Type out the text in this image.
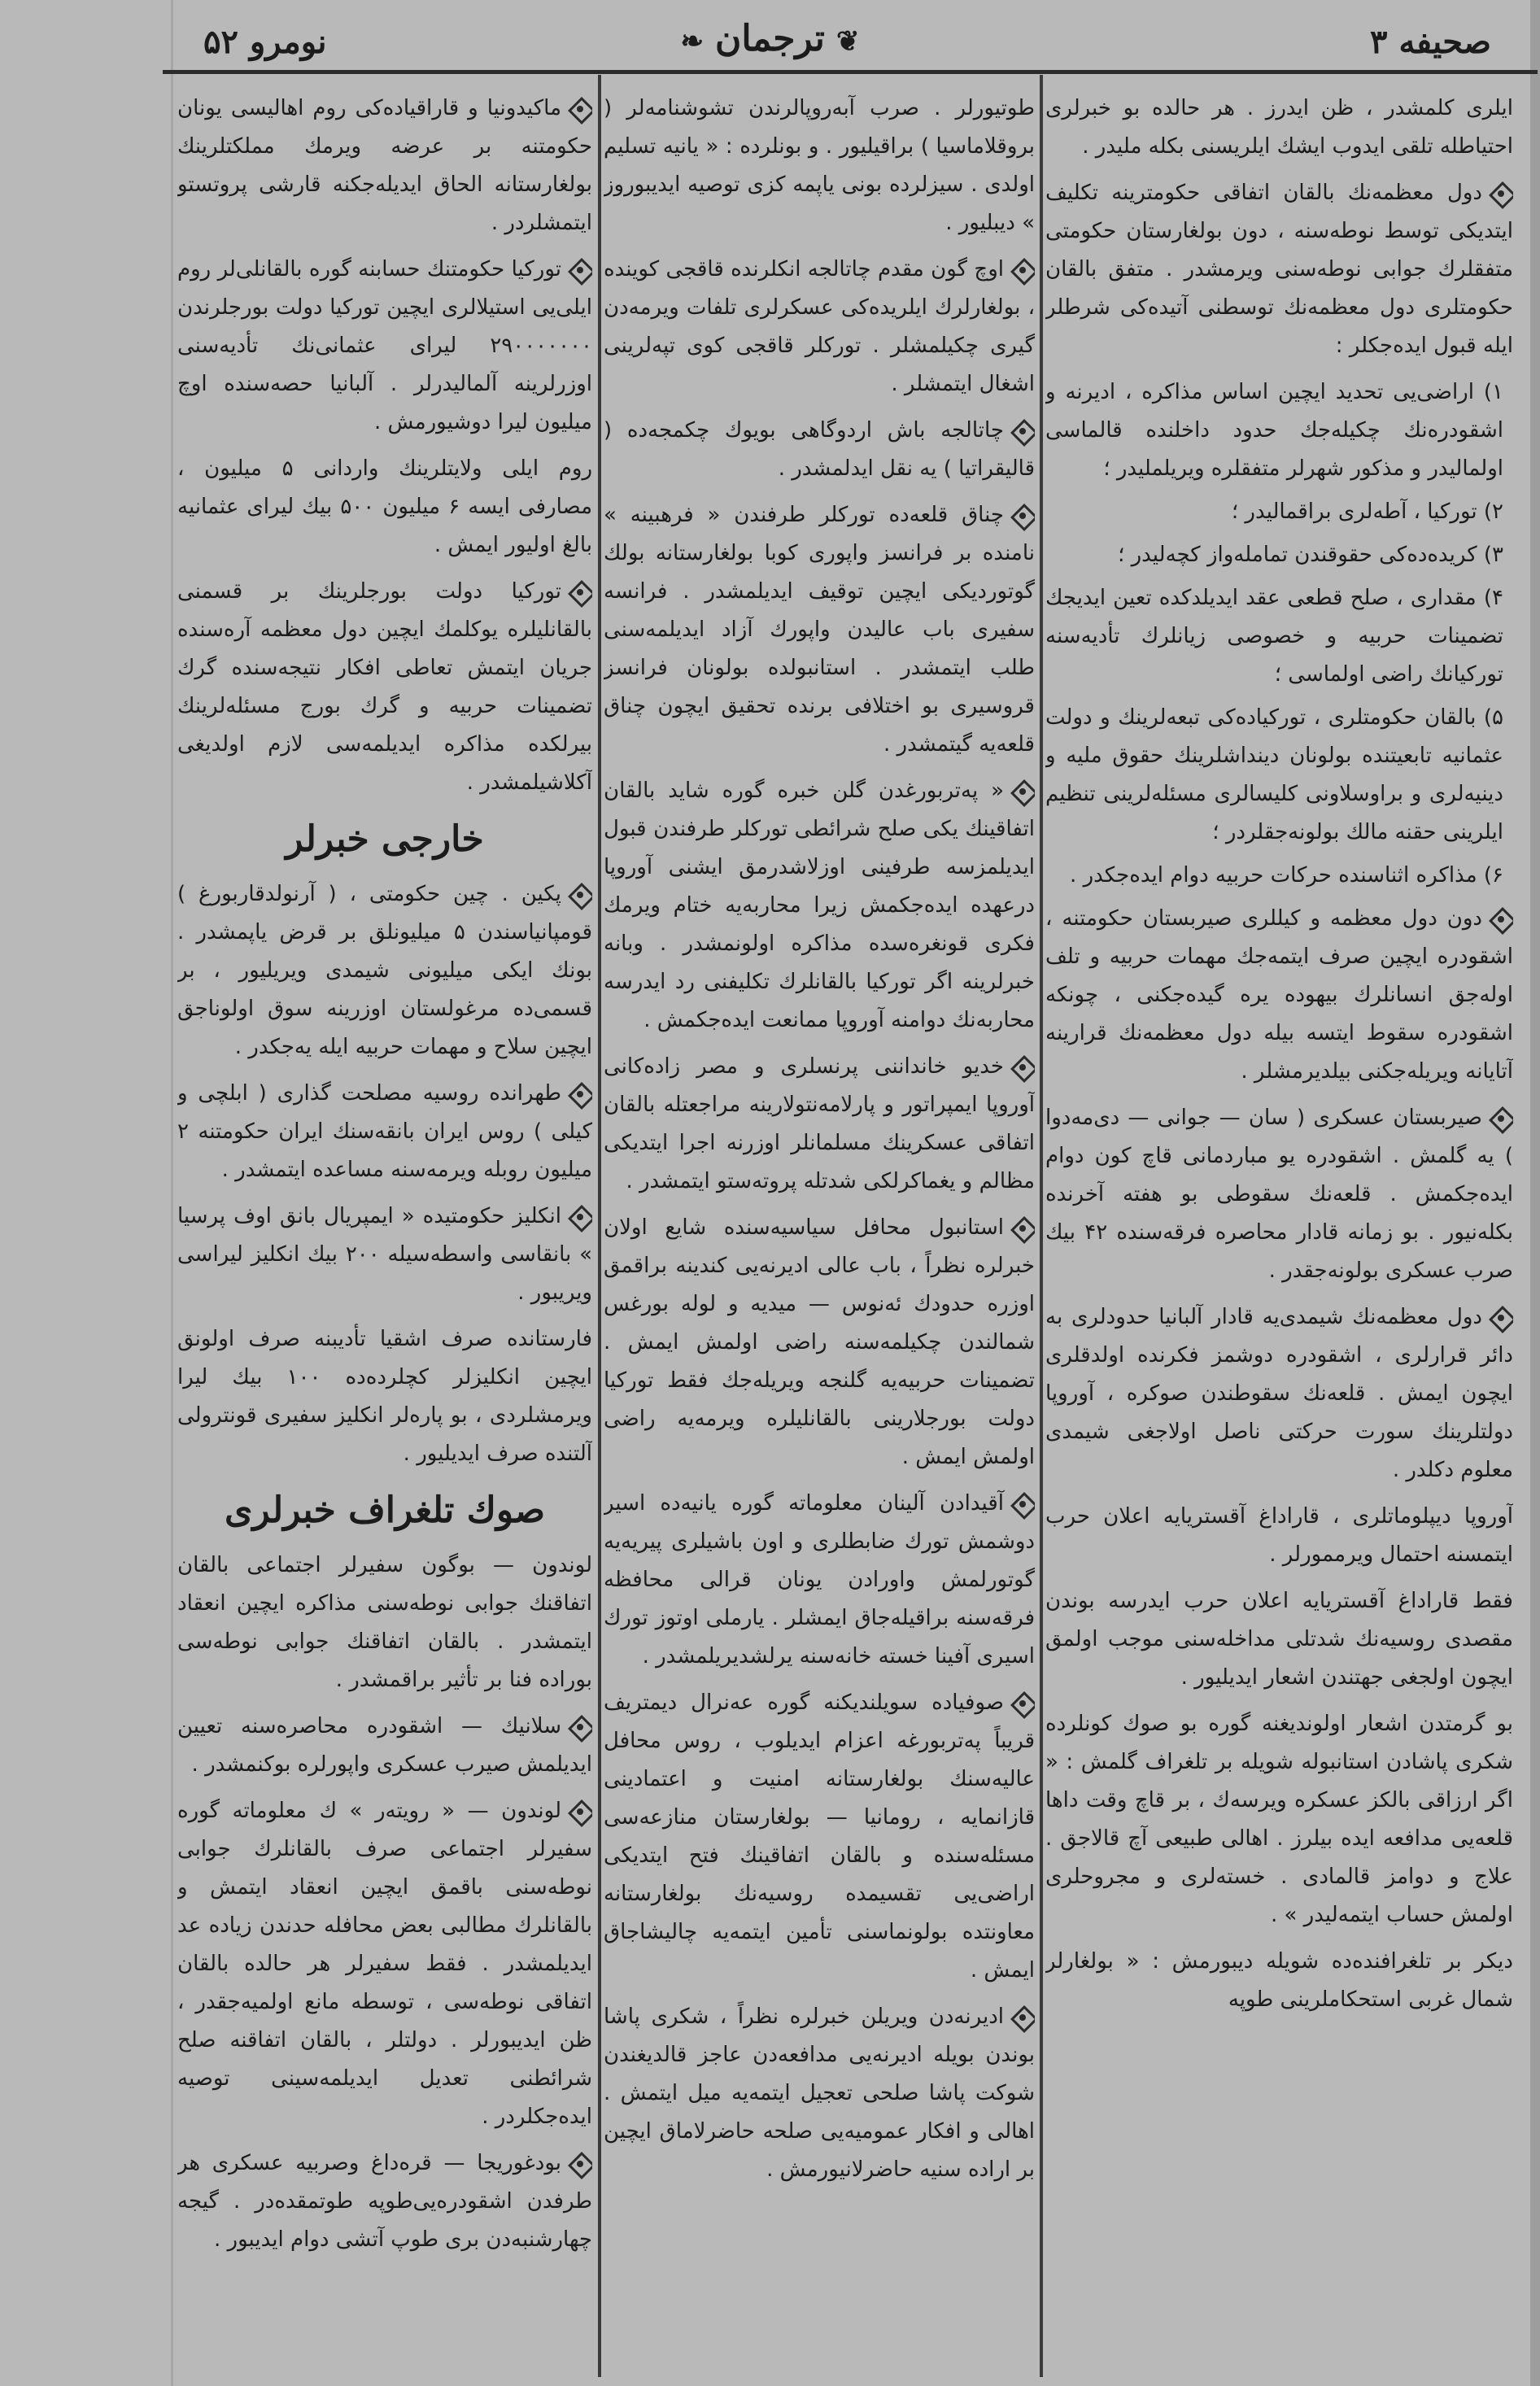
صحیفه ۳
❦ترجمان❧
نومرو ۵۲

ایلری کلمشدر ، ظن ایدرز . هر حالده بو خبرلری احتیاطله تلقی ایدوب ایشك ایلریسنی بکله ملیدر .

دول معظمه‌نك بالقان اتفاقی حکومترینه تکلیف ایتدیکی توسط نوطه‌سنه ، دون بولغارستان حکومتی متفقلرك جوابی نوطه‌سنی ویرمشدر . متفق بالقان حکومتلری دول معظمه‌نك توسطنی آتیده‌کی شرطلر ایله قبول ایده‌جکلر :

۱) اراضی‌یی تحدید ایچین اساس مذاکره ، ادیرنه و اشقودره‌نك چکیله‌جك حدود داخلنده قالماسی اولمالیدر و مذکور شهرلر متفقلره ویریلملیدر ؛

۲) تورکیا ، آطه‌لری براقمالیدر ؛

۳) کریده‌ده‌کی حقوقندن تماملە‌واز کچه‌لیدر ؛

۴) مقداری ، صلح قطعی عقد ایدیلدکده تعین ایدیجك تضمینات حربیه و خصوصی زیانلرك تأدیه‌سنه تورکیانك راضی اولماسی ؛

۵) بالقان حکومتلری ، تورکیاده‌کی تبعه‌لرینك و دولت عثمانیه تابعیتنده بولونان دیندا‌شلرینك حقوق ملیه و دینیه‌لری و براوسلاونی کلیسالری مسئله‌لرینی تنظیم ایلرینی حقنه مالك بولونه‌جقلردر ؛

۶) مذاکره اثناسنده حرکات حربیه دوام ایده‌جکدر .

دون دول معظمه و کیللری صیربستان حکومتنه ، اشقودره ایچین صرف ایتمه‌جك مهمات حربیه و تلف اوله‌جق انسانلرك بیهوده یره گیده‌جکنی ، چونکه اشقودره سقوط ایتسه بیله دول معظمه‌نك قرارینه آتایانه ویریله‌جکنی بیلدیرمشلر .

صیربستان عسکری ( سان — جوانی — دی‌مه‌دوا ) یه گلمش . اشقودره یو مباردمانی قاچ کون دوام ایده‌جکمش . قلعه‌نك سقوطی بو هفته آخرنده بکله‌نیور . بو زمانه قادار محاصره فرقه‌سنده ۴۲ بیك صرب عسکری بولونه‌جقدر .

دول معظمه‌نك شیمدی‌یه قادار آلبانیا حدودلری به دائر قرارلری ، اشقودره دوشمز فکرنده اولدقلری ایچون ایمش . قلعه‌نك سقوطندن صوکره ، آوروپا دولتلرینك سورت حرکتی ناصل اولاجغی شیمدی معلوم دکلدر .

آوروپا دیپلوماتلری ، قاراداغ آقستریایه اعلان حرب ایتمسنه احتمال ویرممورلر .

فقط قاراداغ آقستریایه اعلان حرب ایدرسه بوندن مقصدی روسیه‌نك شدتلی مداخله‌سنی موجب اولمق ایچون اولجغی جهتندن اشعار ایدیلیور .

بو گرمتدن اشعار اولوندیغنه گوره بو صوك کونلرده شکری پاشادن استانبوله شویله بر تلغراف گلمش : « اگر ارزاقی بالکز عسکره ویرسه‌ك ، بر قاچ وقت داها قلعه‌یی مدافعه ایده بیلرز . اهالی طبیعی آچ قالاجق . علاج و دوامز قالمادی . خسته‌لری و مجروحلری اولمش حساب ایتمه‌لیدر » .

دیکر بر تلغرافنده‌ده شویله دیبورمش : « بولغارلر شمال غربی استحکاملرینی طوپه

طوتیورلر . صرب آبه‌روپالرندن تشوشنامه‌لر ( بروقلاماسیا ) براقیلیور . و بونلرده : « یانیه تسلیم اولدی . سیزلرده بونی یاپمه کزی توصیه ایدیبوروز » دیبلیور .

اوچ گون مقدم چاتالجه انکلرنده قاقجی کوینده ، بولغارلرك ایلریده‌کی عسکرلری تلفات ویرمه‌دن گیری چکیلمشلر . تورکلر قاقجی کوی تپه‌لرینی اشغال ایتمشلر .

چاتالجه باش اردوگاهی بویوك چکمجه‌ده ( قالیقراتیا ) یه نقل ایدلمشدر .

چناق قلعه‌ده تورکلر طرفندن « فرهبینه » نامنده بر فرانسز واپوری کوبا بولغارستانه بولك گوتوردیکی ایچین توقیف ایدیلمشدر . فرانسه سفیری باب عالیدن واپورك آزاد ایدیلمه‌سنی طلب ایتمشدر . استانبولده بولونان فرانسز قروسیری بو اختلافی برنده تحقیق ایچون چناق قلعه‌یه گیتمشدر .

« پەتربورغدن گلن خبره گوره شاید بالقان اتفاقینك یکی صلح شرائطی تورکلر طرفندن قبول ایدیلمزسه طرفینی اوزلاشدرمق ایشنی آوروپا درعهده ایده‌جکمش زیرا محاربه‌یه ختام ویرمك فکری قونغره‌سده مذاکره اولونمشدر . وبانه خبرلرینه اگر تورکیا بالقانلرك تکلیفنی رد ایدرسه محاربه‌نك دوامنه آوروپا ممانعت ایده‌جکمش .

خدیو خانداننی پرنسلری و مصر زاده‌کانی آوروپا ایمپراتور و پارلامه‌نتولارینه مراجعتله بالقان اتفاقی عسکرینك مسلمانلر اوزرنه اجرا ایتدیکی مظالم و یغماکرلکی شدتله پروته‌ستو ایتمشدر .

استانبول محافل سیاسیه‌سنده شایع اولان خبرلره نظراً ، باب عالی ادیرنه‌یی کندینه براقمق اوزره حدودك ئه‌نوس — میدیه و لوله بورغس شمالندن چکیلمه‌سنه راضی اولمش ایمش . تضمینات حربیه‌یه گلنجه ویریله‌جك فقط تورکیا دولت بورجلارینی بالقانلیلره ویرمه‌یه راضی اولمش ایمش .

آقیدادن آلینان معلوماته گوره یانیه‌ده اسیر دوشمش تورك ضابطلری و اون باشیلری پیریه‌یه گوتورلمش واورادن یونان قرالی محافظه فرقه‌سنه براقیله‌جاق ایمشلر . یارملی اوتوز تورك اسیری آفینا خسته خانه‌سنه یرلشدیریلمشدر .

صوفیاده سویلندیکنه گوره عه‌نرال دیمتریف قریباً پەتربورغه اعزام ایدیلوب ، روس محافل عالیه‌سنك بولغارستانه امنیت و اعتمادینی قازانمایه ، رومانیا — بولغارستان منازعه‌سی مسئله‌سنده و بالقان اتفاقینك فتح ایتدیکی اراضی‌یی تقسیمده روسیه‌نك بولغارستانه معاونتده بولونماسنی تأمین ایتمه‌یه چالیشاجاق ایمش .

ادیرنه‌دن ویریلن خبرلره نظراً ، شکری پاشا بوندن بویله ادیرنه‌یی مدافعه‌دن عاجز قالدیغندن شوکت پاشا صلحی تعجیل ایتمه‌یه میل ایتمش . اهالی و افکار عمومیه‌یی صلحه حاضرلاماق ایچین بر اراده سنیه حاضرلانیورمش .

ماکیدونیا و قاراقیاده‌کی روم اهالیسی یونان حکومتنه بر عرضه ویرمك مملکتلرینك بولغارستانه الحاق ایدیله‌جکنه قارشی پروتستو ایتمشلردر .

تورکیا حکومتنك حسابنه گوره بالقانلی‌لر روم ایلی‌یی استیلالری ایچین تورکیا دولت بورجلرندن ۲۹۰۰۰۰۰۰۰ لیرای عثمانی‌نك تأدیه‌سنی اوزرلرینه آلمالیدرلر . آلبانیا حصه‌سنده اوچ میلیون لیرا دوشیورمش .

روم ایلی ولایتلرینك واردانی ۵ میلیون ، مصارفی ایسه ۶ میلیون ۵۰۰ بیك لیرای عثمانیه بالغ اولیور ایمش .

تورکیا دولت بورجلرینك بر قسمنی بالقانلیلره یوکلمك ایچین دول معظمه آره‌سنده جریان ایتمش تعاطی افکار نتیجه‌سنده گرك تضمینات حربیه و گرك بورج مسئله‌لرینك بیرلکده مذاکره ایدیلمه‌سی لازم اولدیغی آکلاشیلمشدر .

خارجی خبرلر

پکین . چین حکومتی ، ( آرنولدقاربورغ ) قومپانیاسندن ۵ میلیونلق بر قرض یاپمشدر . بونك ایکی میلیونی شیمدی ویریلیور ، بر قسمی‌ده مرغولستان اوزرینه سوق اولوناجق ایچین سلاح و مهمات حربیه ایله یه‌جکدر .

طهرانده روسیه مصلحت گذاری ( ابلچی و کیلی ) روس ایران بانقه‌سنك ایران حکومتنه ۲ میلیون روبله ویرمه‌سنه مساعده ایتمشدر .

انکلیز حکومتیده « ایمپریال بانق اوف پرسیا » بانقاسی واسطه‌سیله ۲۰۰ بیك انکلیز لیراسی ویریبور .

فارستانده صرف اشقیا تأدیبنه صرف اولونق ایچین انکلیزلر کچلرده‌ده ۱۰۰ بیك لیرا ویرمشلردی ، بو پاره‌لر انکلیز سفیری قونترولی آلتنده صرف ایدیلیور .

صوك تلغراف خبرلری

لوندون — بوگون سفیرلر اجتماعی بالقان اتفاقنك جوابی نوطه‌سنی مذاکره ایچین انعقاد ایتمشدر . بالقان اتفاقنك جوابی نوطه‌سی بورادە فنا بر تأثیر براقمشدر .

سلانیك — اشقودره محاصره‌سنه تعیین ایدیلمش صیرب عسکری واپورلره بوکنمشدر .

لوندون — « رویته‌ر » ك معلوماته گوره سفیرلر اجتماعی صرف بالقانلرك جوابی نوطه‌سنی باقمق ایچین انعقاد ایتمش و بالقانلرك مطالبی بعض محافله حدندن زیاده عد ایدیلمشدر . فقط سفیرلر هر حالده بالقان اتفاقی نوطه‌سی ، توسطه مانع اولمیه‌جقدر ، ظن ایدیبورلر . دولتلر ، بالقان اتفاقنه صلح شرائطنی تعدیل ایدیلمه‌سینی توصیه ایده‌جکلردر .

بودغوریجا — قره‌داغ وصربیه عسکری هر طرفدن اشقودره‌یی‌طوپه طوتمقده‌در . گیجه چهارشنبه‌دن بری طوپ آتشی دوام ایدیبور .
